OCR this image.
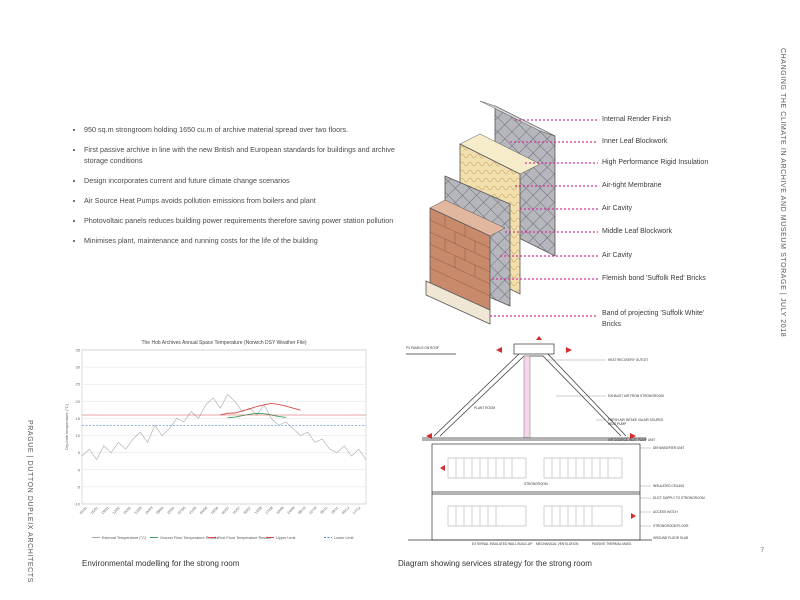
CHANGING THE CLIMATE IN ARCHIVE AND MUSEUM STORAGE | JULY 2018
PRAGUE | DUTTON DUPLEIX ARCHITECTS	7
• 950 sq.m strongroom holding 1650 cu.m of archive material spread over two floors.
• First passive archive in line with the new British and European standards for buildings and archive storage conditions
• Design incorporates current and future climate change scenarios
• Air Source Heat Pumps avoids pollution emissions from boilers and plant
• Photovoltaic panels reduces building power requirements therefore saving power station pollution
• Minimises plant, maintenance and running costs for the life of the building
Internal Render Finish
Inner Leaf Blockwork
High Performance Rigid Insulation
Air-tight Membrane
Air Cavity
Middle Leaf Blockwork
Air Cavity
Flemish bond 'Suffolk Red' Bricks
Band of projecting 'Suffolk White' Bricks
The Hob Archives Annual Space Temperature (Norwich DSY Weather File)
Dry-bulb temperature (°C)
-10
-5
0
5
10
15
20
25
30
35
01/01 15/01 29/01 12/02 26/02 12/03 26/03 09/04 23/04 07/05 21/05 04/06 18/06 02/07 16/07 30/07 13/08 27/08 10/09 24/09 08/10 22/10 05/11 19/11 03/12 17/12
External Temperature (°C)	Ground Floor Temperature Results First Floor Temperature Results Upper Limit	Lower Limit
Environmental modelling for the strong room
PV PANELS ON ROOF
PLANT ROOM
HEAT RECOVERY OUTLET
EXHAUST AIR FROM STRONGROOM
FRESH AIR INTAKE VIA AIR SOURCE HEAT PUMP
AIR SOURCE HEAT PUMP UNIT
DEHUMIDIFIER UNIT
INSULATED CEILING
DUCT SUPPLY TO STRONGROOM
ACCESS HATCH
STRONGROOM FLOOR
GROUND FLOOR SLAB
STRONGROOM
EXTERNAL INSULATED WALL BUILD-UP MECHANICAL VENTILATION	PASSIVE THERMAL MASS
Diagram showing services strategy for the strong room
